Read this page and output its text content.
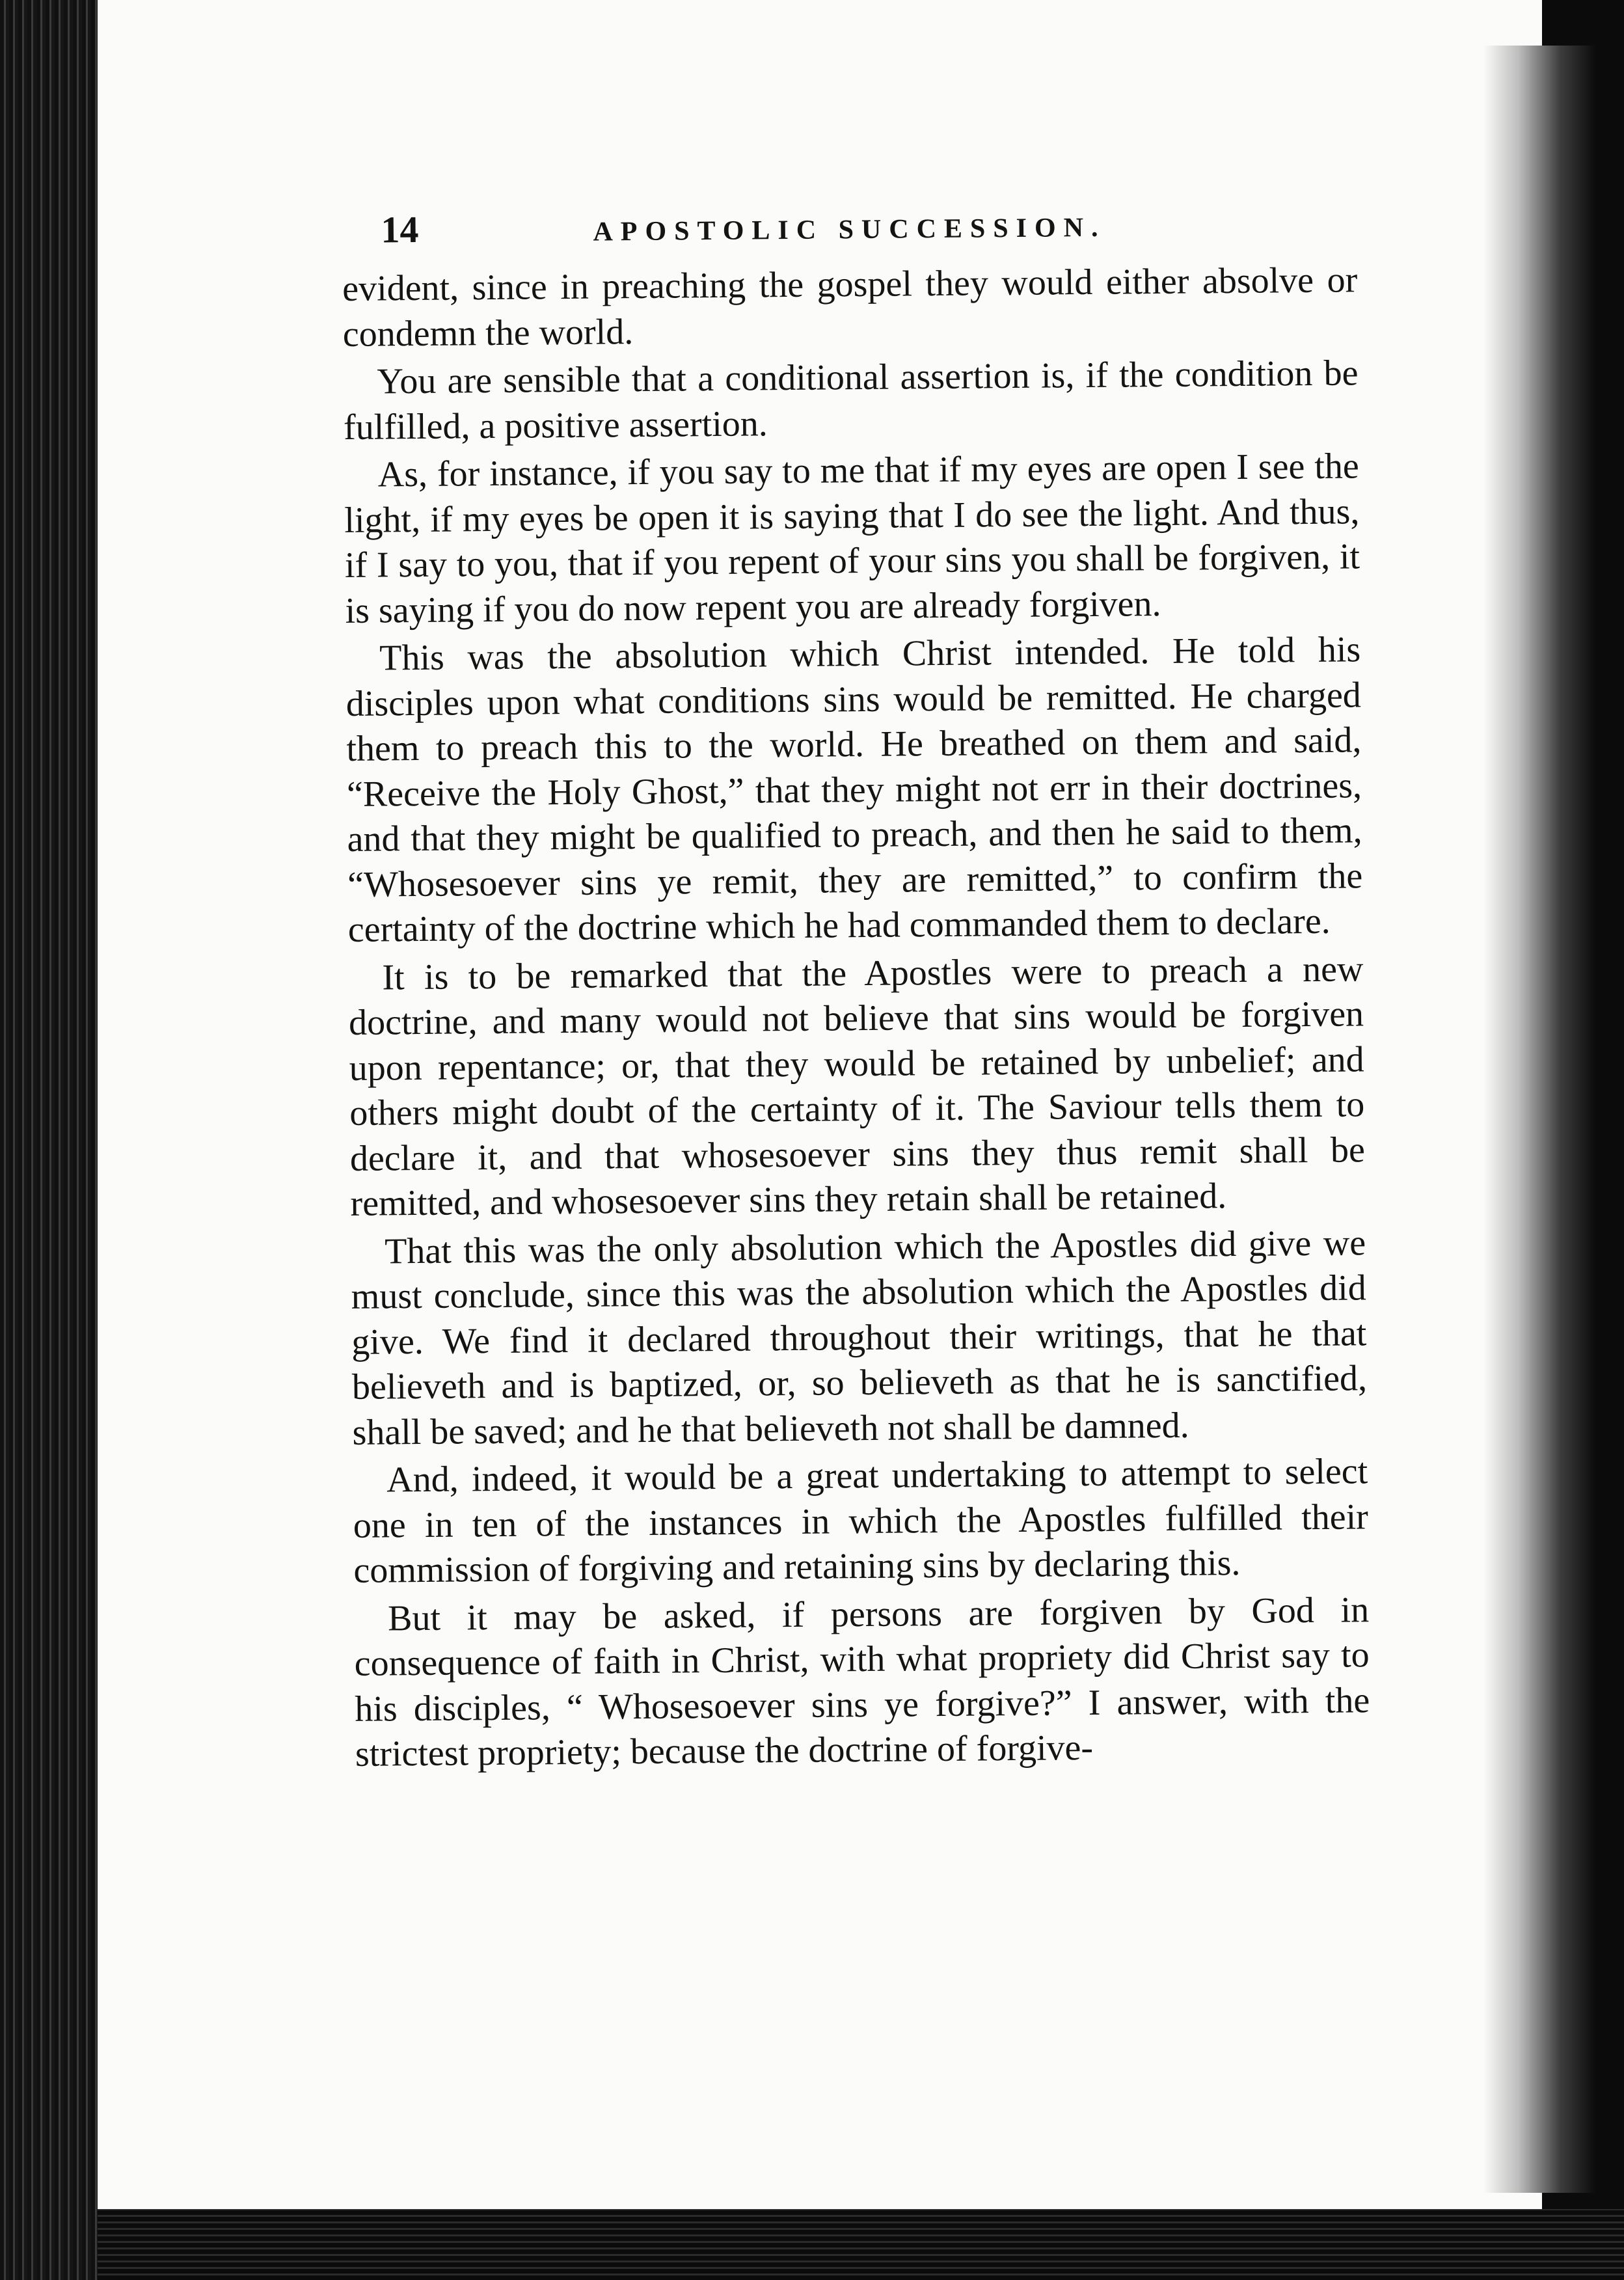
14	APOSTOLIC SUCCESSION.

evident, since in preaching the gospel they would either absolve or condemn the world.

You are sensible that a conditional assertion is, if the condition be fulfilled, a positive assertion.

As, for instance, if you say to me that if my eyes are open I see the light, if my eyes be open it is saying that I do see the light. And thus, if I say to you, that if you repent of your sins you shall be forgiven, it is saying if you do now repent you are already forgiven.

This was the absolution which Christ intended. He told his disciples upon what conditions sins would be remitted. He charged them to preach this to the world. He breathed on them and said, “Receive the Holy Ghost,” that they might not err in their doctrines, and that they might be qualified to preach, and then he said to them, “Whosesoever sins ye remit, they are remitted,” to confirm the certainty of the doctrine which he had commanded them to declare.

It is to be remarked that the Apostles were to preach a new doctrine, and many would not believe that sins would be forgiven upon repentance; or, that they would be retained by unbelief; and others might doubt of the certainty of it. The Saviour tells them to declare it, and that whosesoever sins they thus remit shall be remitted, and whosesoever sins they retain shall be retained.

That this was the only absolution which the Apostles did give we must conclude, since this was the absolution which the Apostles did give. We find it declared throughout their writings, that he that believeth and is baptized, or, so believeth as that he is sanctified, shall be saved; and he that believeth not shall be damned.

And, indeed, it would be a great undertaking to attempt to select one in ten of the instances in which the Apostles fulfilled their commission of forgiving and retaining sins by declaring this.

But it may be asked, if persons are forgiven by God in consequence of faith in Christ, with what propriety did Christ say to his disciples, “ Whosesoever sins ye forgive?” I answer, with the strictest propriety; because the doctrine of forgive-
